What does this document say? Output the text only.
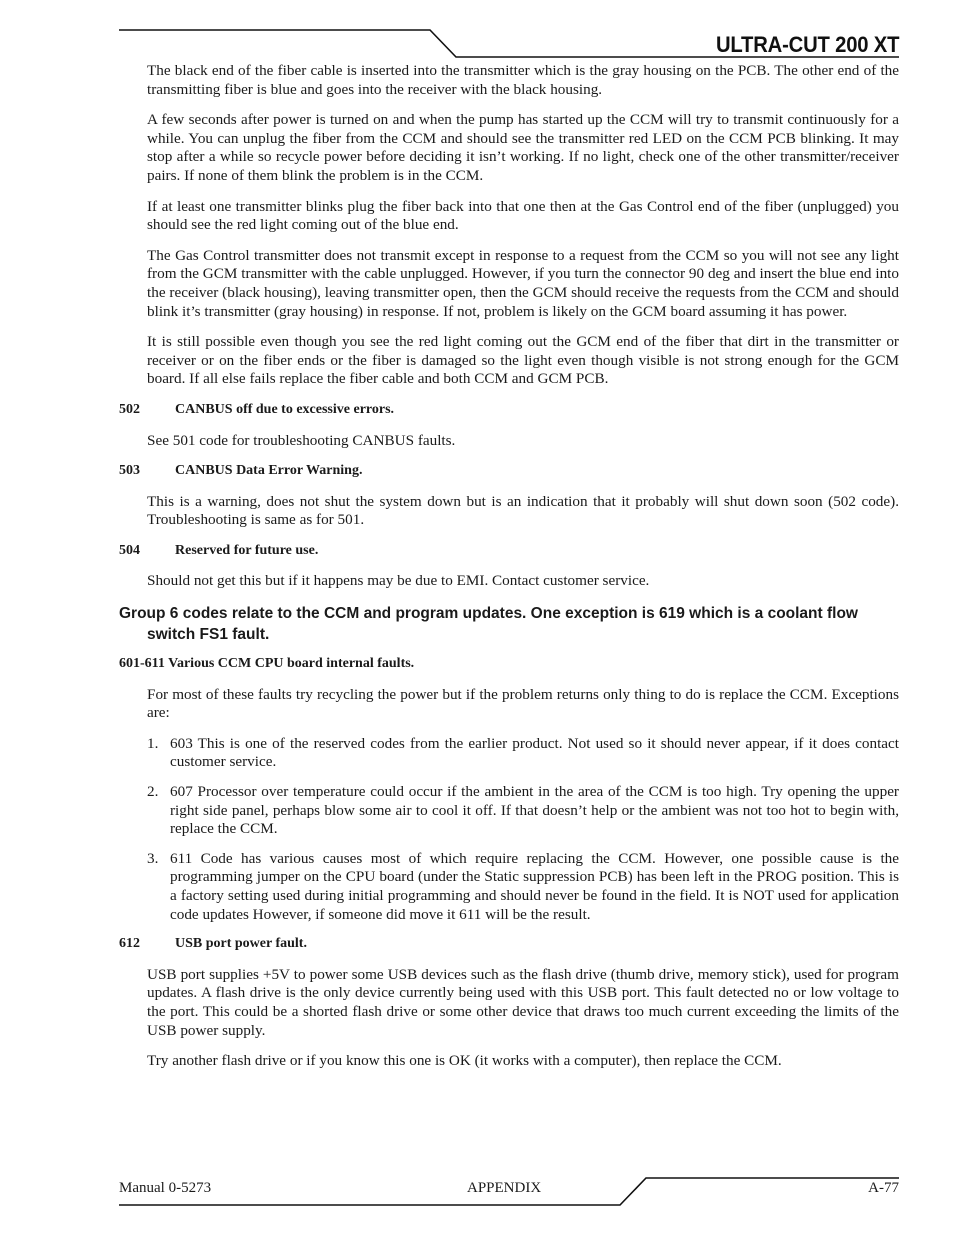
ULTRA-CUT 200 XT

The black end of the fiber cable is inserted into the transmitter which is the gray housing on the PCB. The other end of the transmitting fiber is blue and goes into the receiver with the black housing.

A few seconds after power is turned on and when the pump has started up the CCM will try to transmit continuously for a while. You can unplug the fiber from the CCM and should see the transmitter red LED on the CCM PCB blinking. It may stop after a while so recycle power before deciding it isn’t working. If no light, check one of the other transmitter/receiver pairs. If none of them blink the problem is in the CCM.

If at least one transmitter blinks plug the fiber back into that one then at the Gas Control end of the fiber (unplugged) you should see the red light coming out of the blue end.

The Gas Control transmitter does not transmit except in response to a request from the CCM so you will not see any light from the GCM transmitter with the cable unplugged. However, if you turn the connector 90 deg and insert the blue end into the receiver (black housing), leaving transmitter open, then the GCM should receive the requests from the CCM and should blink it’s transmitter (gray housing) in response. If not, problem is likely on the GCM board assuming it has power.

It is still possible even though you see the red light coming out the GCM end of the fiber that dirt in the transmitter or receiver or on the fiber ends or the fiber is damaged so the light even though visible is not strong enough for the GCM board. If all else fails replace the fiber cable and both CCM and GCM PCB.

502	CANBUS off due to excessive errors.

See 501 code for troubleshooting CANBUS faults.

503	CANBUS Data Error Warning.

This is a warning, does not shut the system down but is an indication that it probably will shut down soon (502 code). Troubleshooting is same as for 501.

504	Reserved for future use.

Should not get this but if it happens may be due to EMI. Contact customer service.

Group 6 codes relate to the CCM and program updates. One exception is 619 which is a coolant flow switch FS1 fault.
601-611 Various CCM CPU board internal faults.

For most of these faults try recycling the power but if the problem returns only thing to do is replace the CCM. Exceptions are:

1. 603 This is one of the reserved codes from the earlier product. Not used so it should never appear, if it does contact customer service.
2. 607 Processor over temperature could occur if the ambient in the area of the CCM is too high. Try opening the upper right side panel, perhaps blow some air to cool it off. If that doesn’t help or the ambient was not too hot to begin with, replace the CCM.
3. 611 Code has various causes most of which require replacing the CCM. However, one possible cause is the programming jumper on the CPU board (under the Static suppression PCB) has been left in the PROG position. This is a factory setting used during initial programming and should never be found in the field. It is NOT used for application code updates However, if someone did move it 611 will be the result.
612	USB port power fault.

USB port supplies +5V to power some USB devices such as the flash drive (thumb drive, memory stick), used for program updates. A flash drive is the only device currently being used with this USB port. This fault detected no or low voltage to the port. This could be a shorted flash drive or some other device that draws too much current exceeding the limits of the USB power supply.

Try another flash drive or if you know this one is OK (it works with a computer), then replace the CCM.

Manual 0-5273	APPENDIX	A-77
